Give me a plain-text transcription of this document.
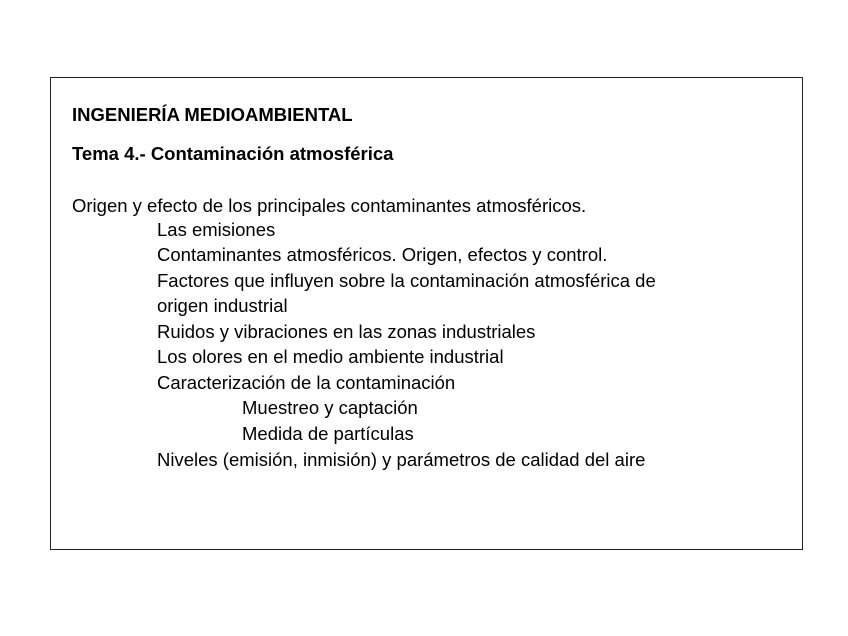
INGENIERÍA MEDIOAMBIENTAL
Tema 4.- Contaminación atmosférica
Origen y efecto de los principales contaminantes atmosféricos.
Las emisiones
Contaminantes atmosféricos. Origen, efectos y control.
Factores que influyen sobre la contaminación atmosférica de
origen industrial
Ruidos y vibraciones en las zonas industriales
Los olores en el medio ambiente industrial
Caracterización de la contaminación
Muestreo y captación
Medida de partículas
Niveles (emisión, inmisión) y parámetros de calidad del aire
